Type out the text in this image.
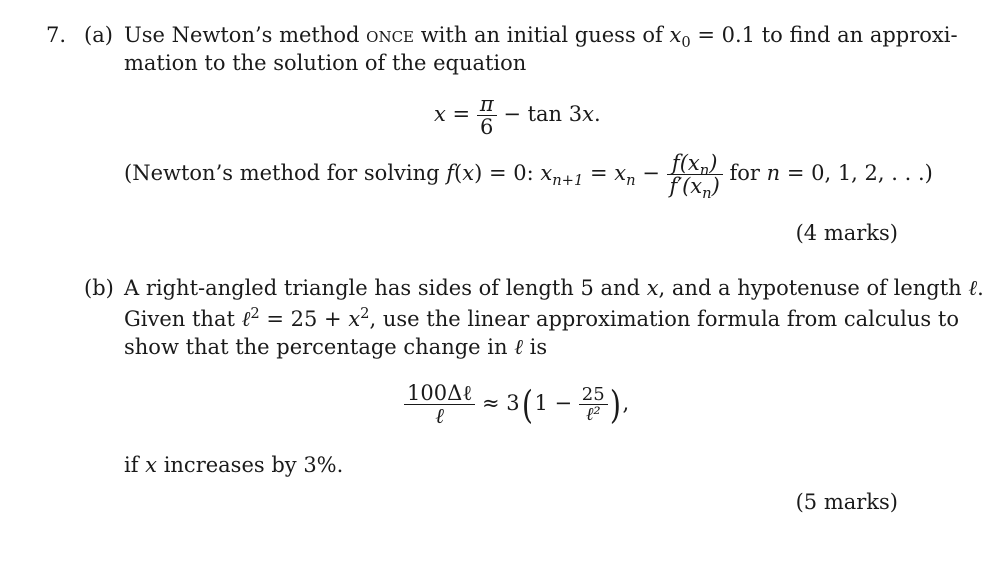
7. (a) Use Newton’s method once with an initial guess of $x_0 = 0.1$ to find an approxi-
mation to the solution of the equation
$x = \frac{\pi}{6} - \tan 3x$.
(Newton’s method for solving f(x) = 0: $x_{n+1} = x_n - \frac{f(x_n)}{f'(x_n)}$ for n = 0, 1, 2, . . .)
(4 marks)
(b) A right-angled triangle has sides of length 5 and x, and a hypotenuse of length ℓ.
Given that ℓ$^2$ = $25 + x^2$, use the linear approximation formula from calculus to
show that the percentage change in ℓ is
$\frac{\text{100Δℓ}}{\text{ℓ}} \approx 3(1 - \frac{25}{\text{ℓ²}}$ ),
if x increases by 3%.
(5 marks)
